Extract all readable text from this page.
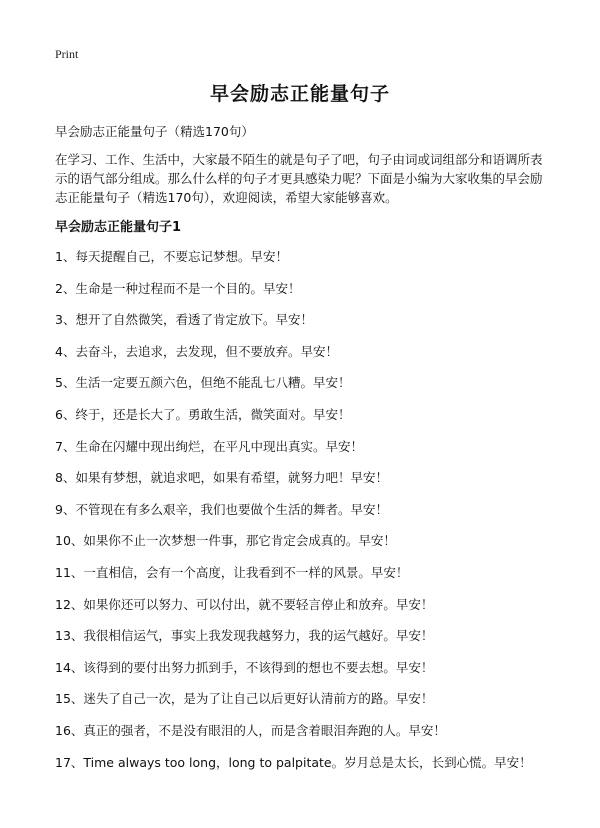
Print
早会励志正能量句子
早会励志正能量句子（精选170句）
在学习、工作、生活中，大家最不陌生的就是句子了吧，句子由词或词组部分和语调所表示的语气部分组成。那么什么样的句子才更具感染力呢？下面是小编为大家收集的早会励志正能量句子（精选170句），欢迎阅读，希望大家能够喜欢。
早会励志正能量句子1
1、每天提醒自己，不要忘记梦想。早安！
2、生命是一种过程而不是一个目的。早安！
3、想开了自然微笑，看透了肯定放下。早安！
4、去奋斗，去追求，去发现，但不要放弃。早安！
5、生活一定要五颜六色，但绝不能乱七八糟。早安！
6、终于，还是长大了。勇敢生活，微笑面对。早安！
7、生命在闪耀中现出绚烂，在平凡中现出真实。早安！
8、如果有梦想，就追求吧，如果有希望，就努力吧！早安！
9、不管现在有多么艰辛，我们也要做个生活的舞者。早安！
10、如果你不止一次梦想一件事，那它肯定会成真的。早安！
11、一直相信，会有一个高度，让我看到不一样的风景。早安！
12、如果你还可以努力、可以付出，就不要轻言停止和放弃。早安！
13、我很相信运气，事实上我发现我越努力，我的运气越好。早安！
14、该得到的要付出努力抓到手，不该得到的想也不要去想。早安！
15、迷失了自己一次，是为了让自己以后更好认清前方的路。早安！
16、真正的强者，不是没有眼泪的人，而是含着眼泪奔跑的人。早安！
17、Time always too long，long to palpitate。岁月总是太长，长到心慌。早安！
